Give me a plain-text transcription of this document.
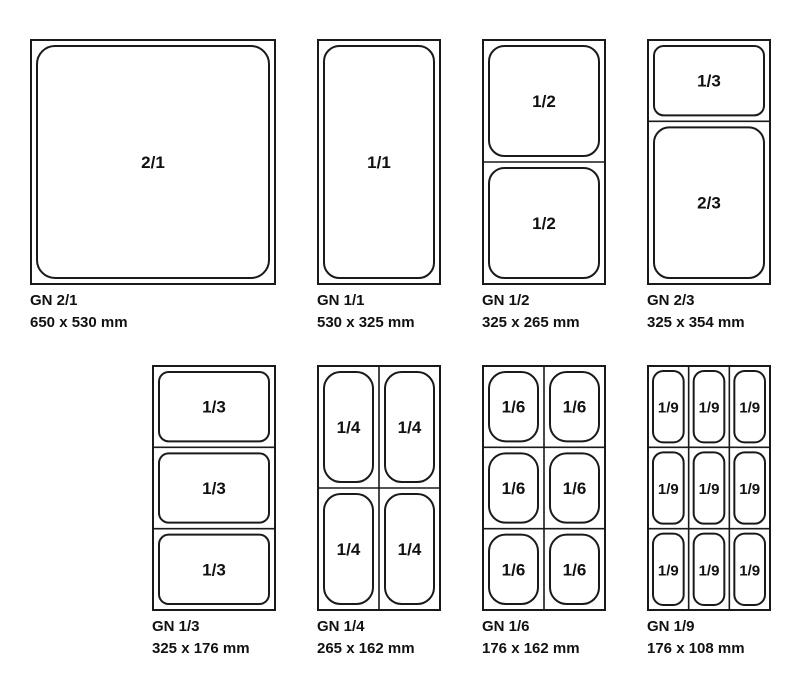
2/1
GN 2/1
650 x 530 mm
1/1
GN 1/1
530 x 325 mm
1/2
1/2
GN 1/2
325 x 265 mm
1/3
2/3
GN 2/3
325 x 354 mm
1/3
1/3
1/3
GN 1/3
325 x 176 mm
1/4 1/4
1/4 1/4
GN 1/4
265 x 162 mm
1/6 1/6
1/6 1/6
1/6 1/6
GN 1/6
176 x 162 mm
1/9 1/9 1/9
1/9 1/9 1/9
1/9 1/9 1/9
GN 1/9
176 x 108 mm
